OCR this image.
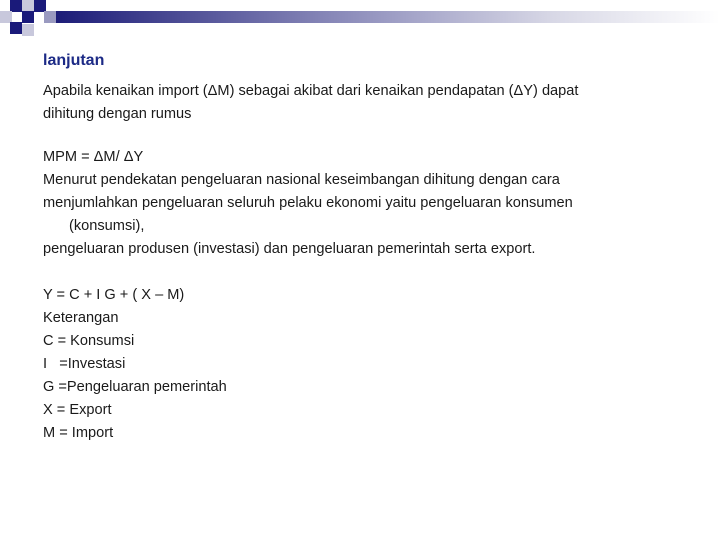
lanjutan
Apabila kenaikan import (ΔM) sebagai akibat dari kenaikan pendapatan (ΔY) dapat
dihitung dengan rumus
MPM = ΔM/ ΔY
Menurut pendekatan pengeluaran nasional keseimbangan dihitung dengan cara
menjumlahkan pengeluaran seluruh pelaku ekonomi yaitu pengeluaran konsumen
(konsumsi),
pengeluaran produsen (investasi) dan pengeluaran pemerintah serta export.
Y = C + I G + ( X – M)
Keterangan
C = Konsumsi
I   =Investasi
G =Pengeluaran pemerintah
X = Export
M = Import
